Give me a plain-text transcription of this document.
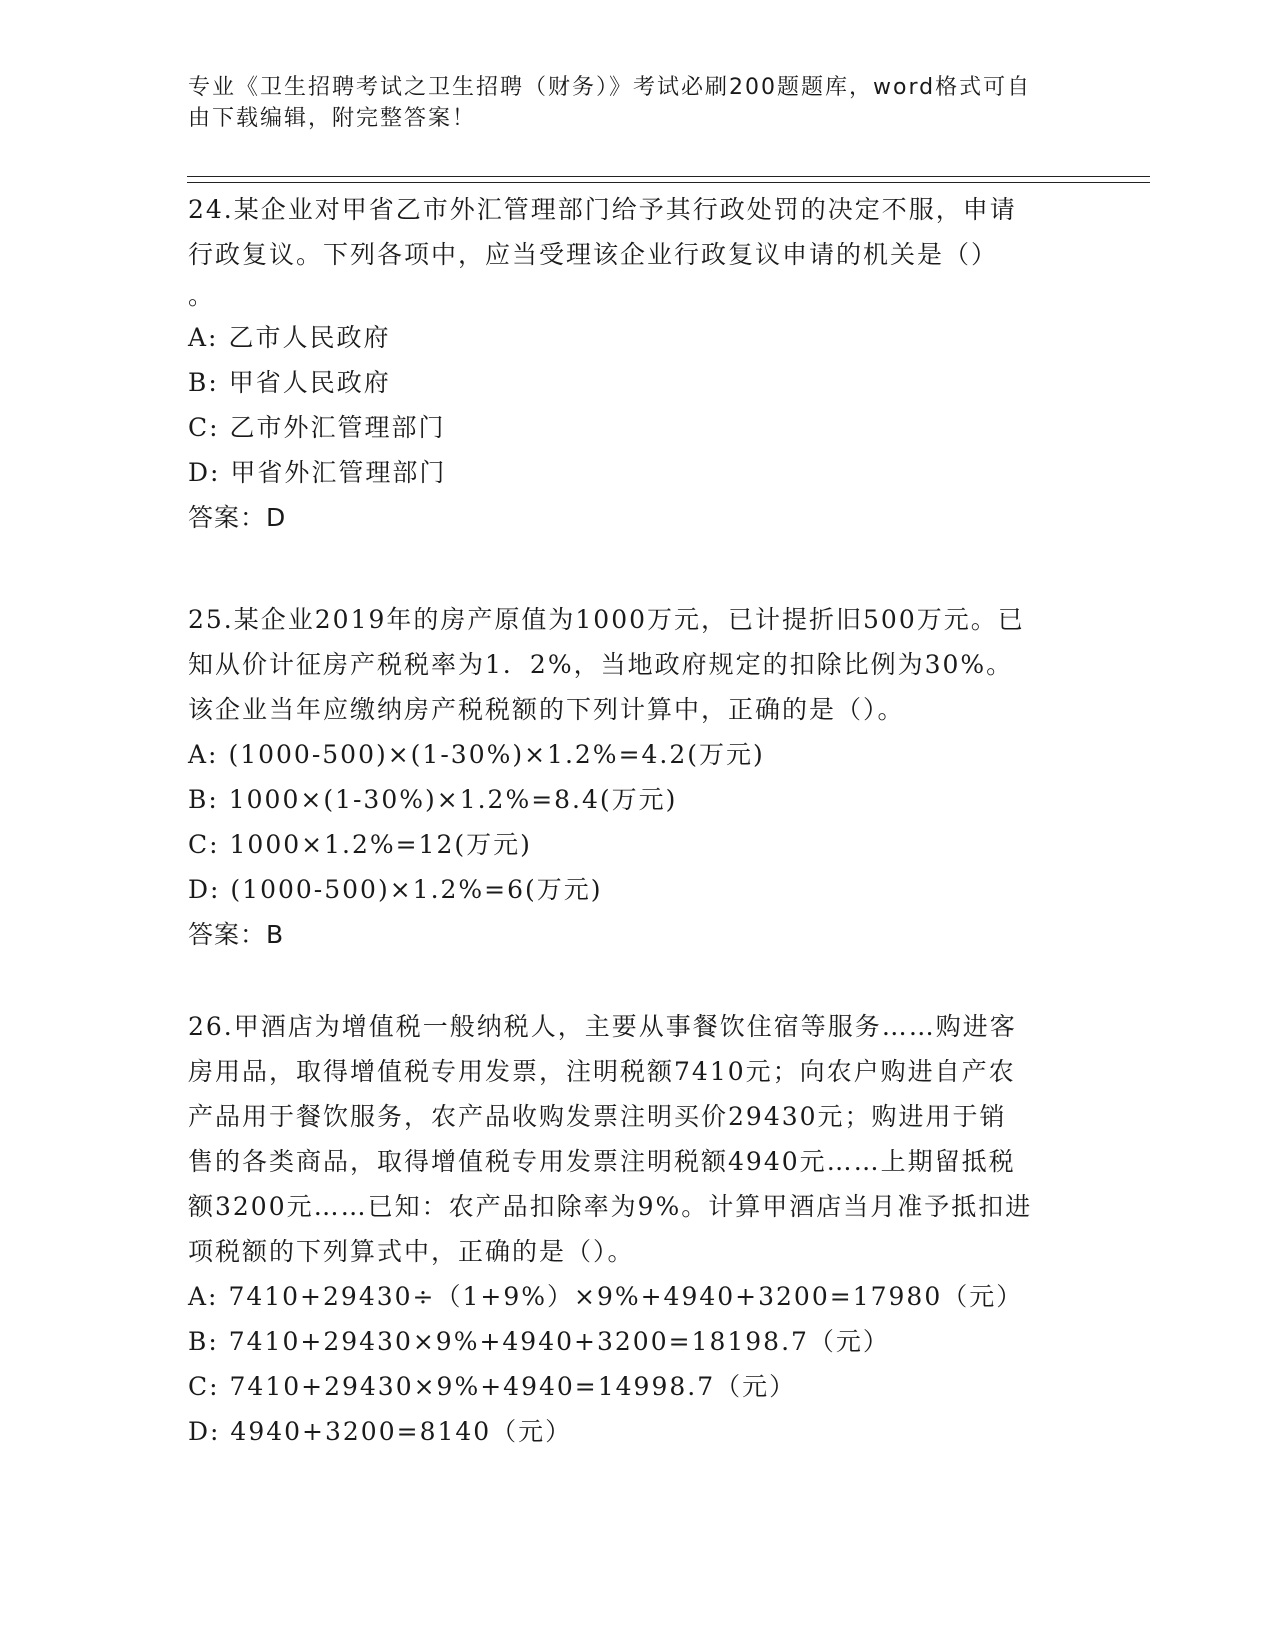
专业《卫生招聘考试之卫生招聘（财务）》考试必刷200题题库，word格式可自
由下载编辑，附完整答案！

24.某企业对甲省乙市外汇管理部门给予其行政处罚的决定不服，申请

行政复议。下列各项中，应当受理该企业行政复议申请的机关是（）

。

A: 乙市人民政府

B: 甲省人民政府

C: 乙市外汇管理部门

D: 甲省外汇管理部门

答案：D

25.某企业2019年的房产原值为1000万元，已计提折旧500万元。已

知从价计征房产税税率为1．2%，当地政府规定的扣除比例为30%。

该企业当年应缴纳房产税税额的下列计算中，正确的是（）。

A: (1000-500)×(1-30%)×1.2%=4.2(万元)

B: 1000×(1-30%)×1.2%=8.4(万元)

C: 1000×1.2%=12(万元)

D: (1000-500)×1.2%=6(万元)

答案：B

26.甲酒店为增值税一般纳税人，主要从事餐饮住宿等服务……购进客

房用品，取得增值税专用发票，注明税额7410元；向农户购进自产农

产品用于餐饮服务，农产品收购发票注明买价29430元；购进用于销

售的各类商品，取得增值税专用发票注明税额4940元……上期留抵税

额3200元……已知：农产品扣除率为9%。计算甲酒店当月准予抵扣进

项税额的下列算式中，正确的是（）。

A: 7410+29430÷（1+9%）×9%+4940+3200=17980（元）

B: 7410+29430×9%+4940+3200=18198.7（元）

C: 7410+29430×9%+4940=14998.7（元）

D: 4940+3200=8140（元）
